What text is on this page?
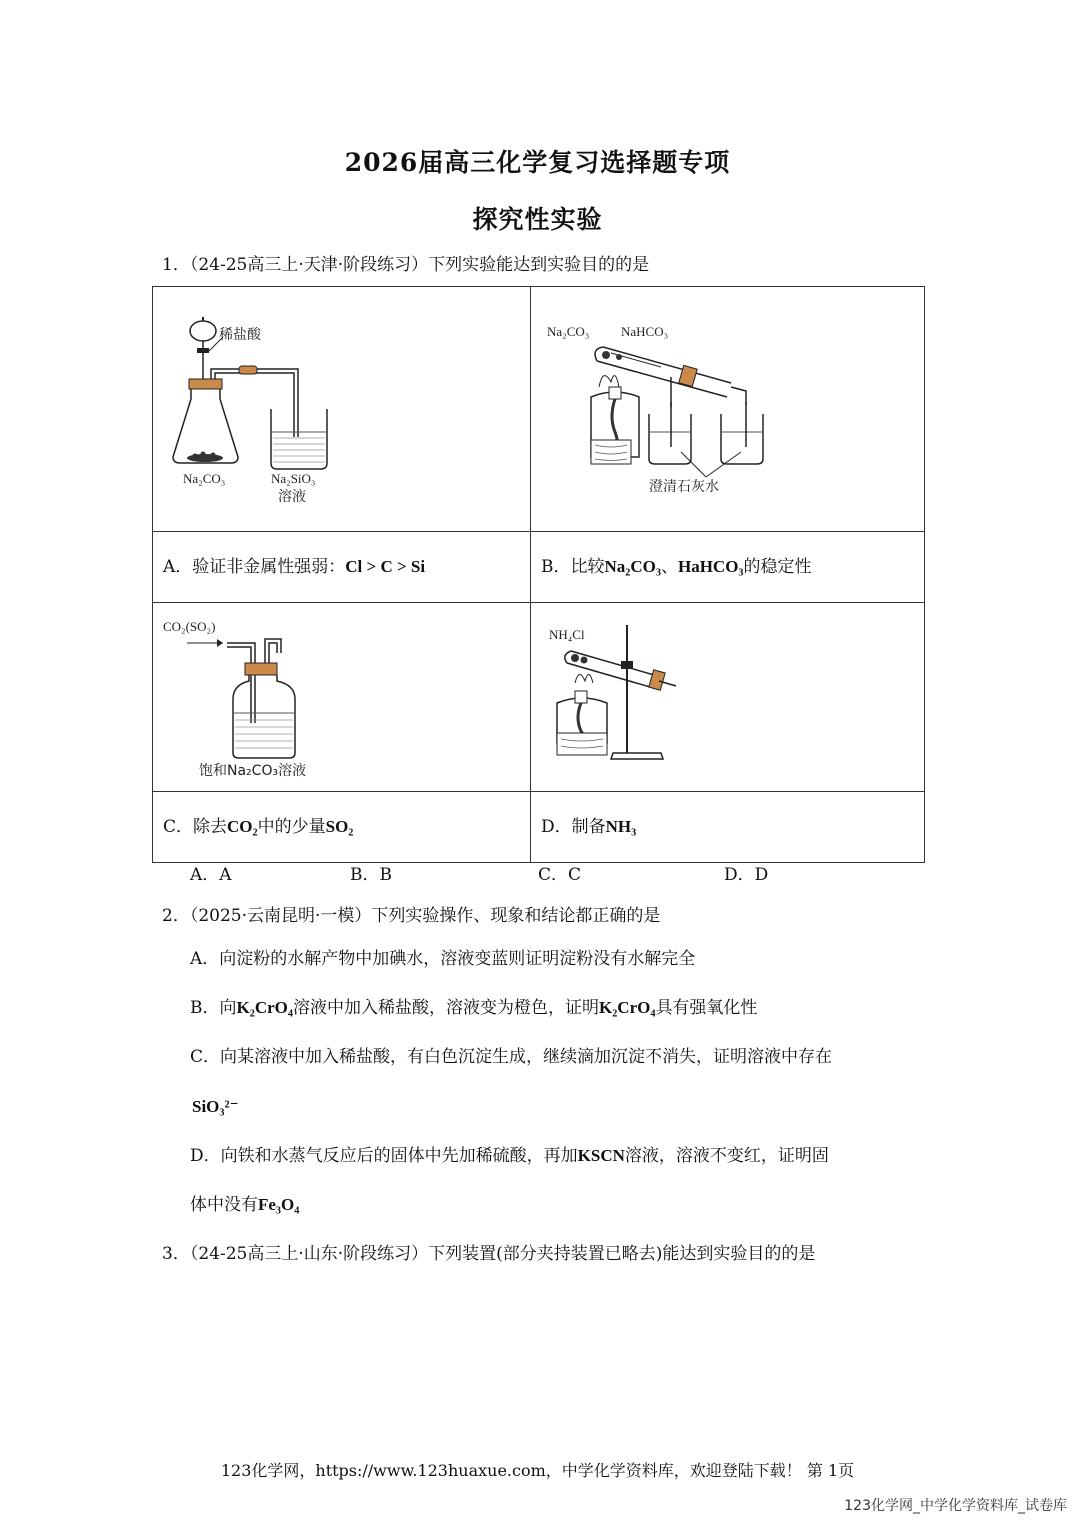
2026届高三化学复习选择题专项
探究性实验
1．（24-25高三上·天津·阶段练习）下列实验能达到实验目的的是
稀盐酸
Na₂CO₃ Na₂SiO₃
溶液	Na₂CO₃ NaHCO₃
澄清石灰水

A．验证非金属性强弱：Cl > C > Si	B．比较Na₂CO₃、HaHCO₃的稳定性

CO₂(SO₂)
饱和Na₂CO₃溶液	NH₄Cl

C．除去CO₂中的少量SO₂	D．制备NH₃
A．A	B．B	C．C	D．D
2．（2025·云南昆明·一模）下列实验操作、现象和结论都正确的是
A．向淀粉的水解产物中加碘水，溶液变蓝则证明淀粉没有水解完全
B．向K₂CrO₄溶液中加入稀盐酸，溶液变为橙色，证明K₂CrO₄具有强氧化性
C．向某溶液中加入稀盐酸，有白色沉淀生成，继续滴加沉淀不消失，证明溶液中存在
SiO₃²⁻
D．向铁和水蒸气反应后的固体中先加稀硫酸，再加KSCN溶液，溶液不变红，证明固
体中没有Fe₃O₄
3．（24-25高三上·山东·阶段练习）下列装置(部分夹持装置已略去)能达到实验目的的是
123化学网，https://www.123huaxue.com，中学化学资料库，欢迎登陆下载！ 第 1页
123化学网_中学化学资料库_试卷库
